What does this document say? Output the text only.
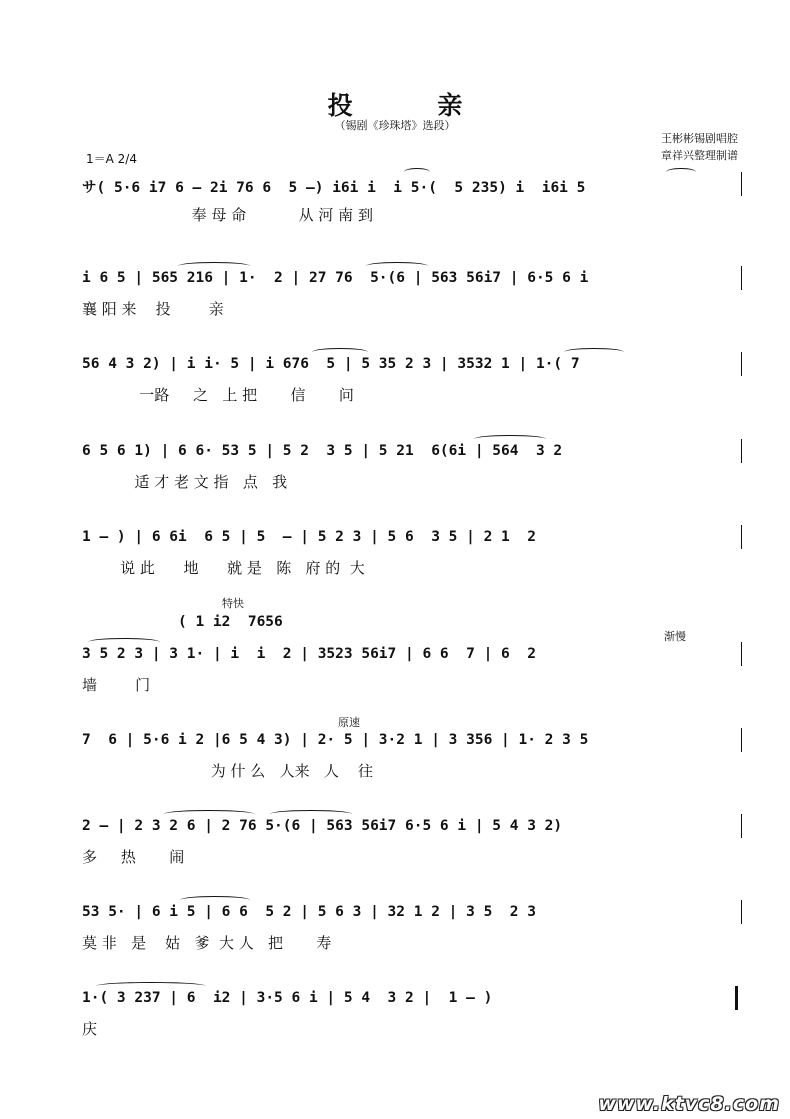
投 亲
（锡剧《珍珠塔》选段）
王彬彬锡剧唱腔
章祥兴整理制谱
1＝A 2/4
特快
渐慢
原速
サ( 5·6 i7 6 – 2i 76 6  5 –) i6i i  i 5·(  5 235) i  i6i 5
奉 母 命           从 河 南 到
i 6 5 | 565 216 | 1·  2 | 27 76  5·(6 | 563 56i7 | 6·5 6 i
襄 阳 来    投        亲
56 4 3 2) | i i· 5 | i 676  5 | 5 35 2 3 | 3532 1 | 1·( 7
一路     之   上 把       信       问
6 5 6 1) | 6 6· 53 5 | 5 2  3 5 | 5 21  6(6i | 564  3 2
适 才 老 文 指   点   我
1 – ) | 6 6i  6 5 | 5  – | 5 2 3 | 5 6  3 5 | 2 1  2
说 此      地      就 是   陈   府 的  大
( 1 i2  7656
3 5 2 3 | 3 1· | i  i  2 | 3523 56i7 | 6 6  7 | 6  2
墙        门
7  6 | 5·6 i 2 |6 5 4 3) | 2· 5 | 3·2 1 | 3 356 | 1· 2 3 5
为 什 么   人来   人    往
2 – | 2 3 2 6 | 2 76 5·(6 | 563 56i7 6·5 6 i | 5 4 3 2)
多     热       闹
53 5· | 6 i 5 | 6 6  5 2 | 5 6 3 | 32 1 2 | 3 5  2 3
莫 非   是    姑   爹  大 人   把       寿
1·( 3 237 | 6  i2 | 3·5 6 i | 5 4  3 2 |  1 – )
庆
www.ktvc8.com
